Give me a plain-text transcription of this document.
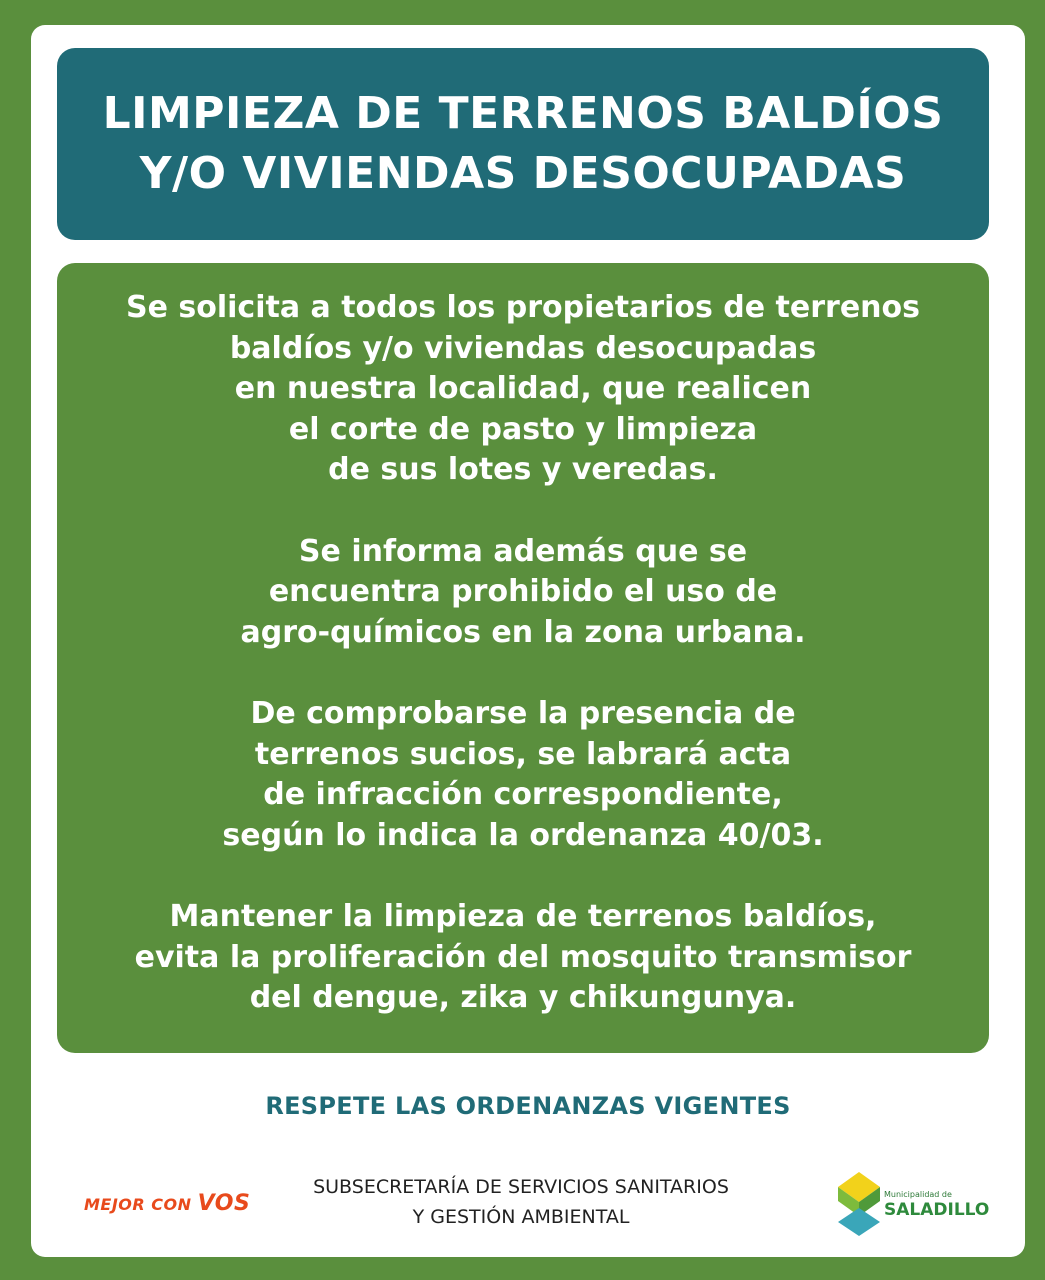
LIMPIEZA DE TERRENOS BALDÍOS
Y/O VIVIENDAS DESOCUPADAS

Se solicita a todos los propietarios de terrenos
baldíos y/o viviendas desocupadas
en nuestra localidad, que realicen
el corte de pasto y limpieza
de sus lotes y veredas.

Se informa además que se
encuentra prohibido el uso de
agro-químicos en la zona urbana.

De comprobarse la presencia de
terrenos sucios, se labrará acta
de infracción correspondiente,
según lo indica la ordenanza 40/03.

Mantener la limpieza de terrenos baldíos,
evita la proliferación del mosquito transmisor
del dengue, zika y chikungunya.

RESPETE LAS ORDENANZAS VIGENTES
MEJOR CON VOS
SUBSECRETARÍA DE SERVICIOS SANITARIOS
Y GESTIÓN AMBIENTAL
Municipalidad de
SALADILLO
